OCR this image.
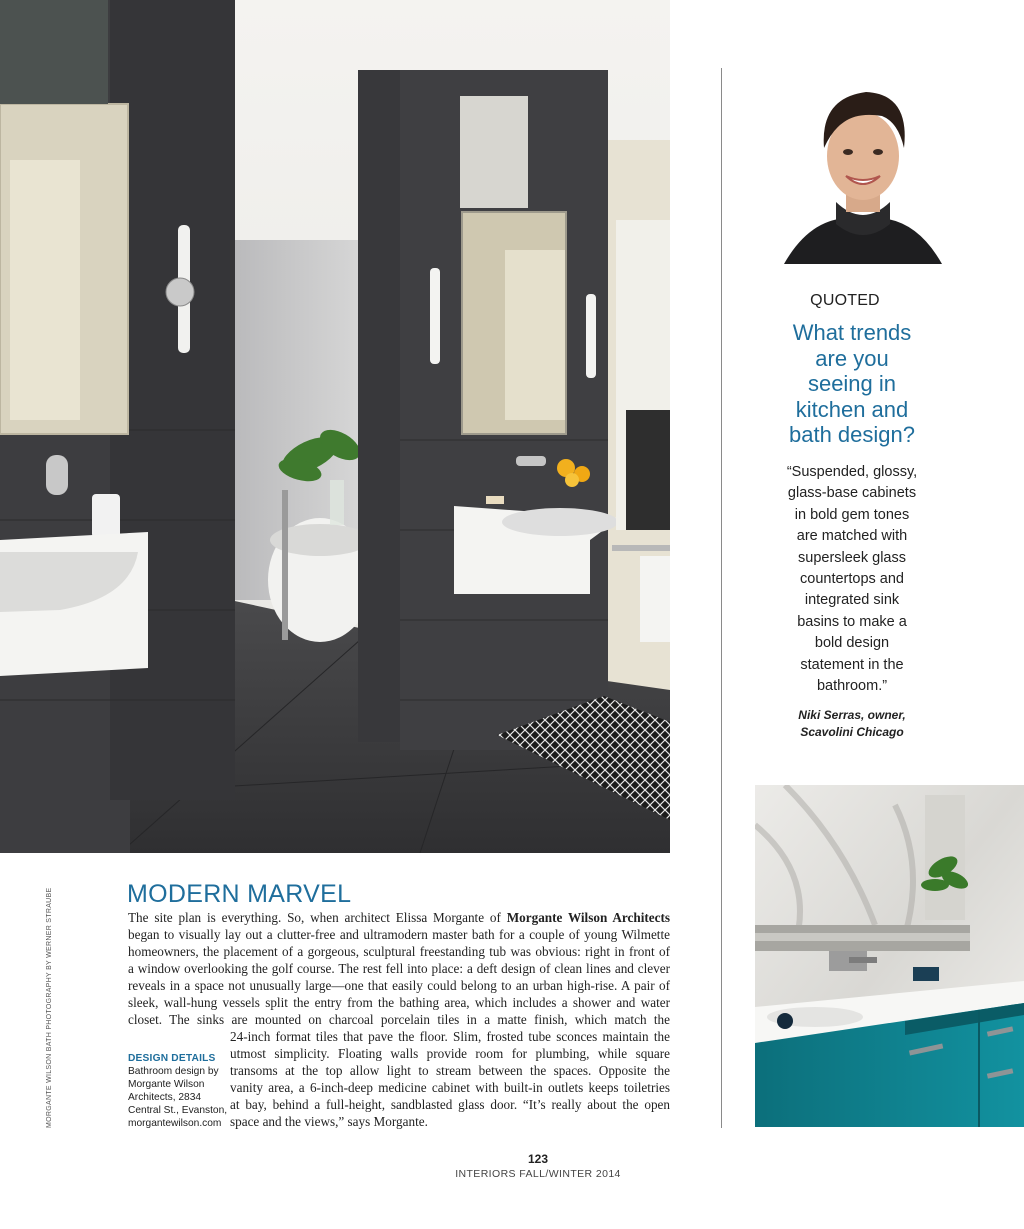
QUOTED
What trends
are you
seeing in
kitchen and
bath design?
“Suspended, glossy,
glass-base cabinets
in bold gem tones
are matched with
supersleek glass
countertops and
integrated sink
basins to make a
bold design
statement in the
bathroom.”
Niki Serras, owner,
Scavolini Chicago
MORGANTE WILSON BATH PHOTOGRAPHY BY WERNER STRAUBE	MODERN MARVEL
The site plan is everything. So, when architect Elissa Morgante of Morgante Wilson Architects
began to visually lay out a clutter-free and ultramodern master bath for a couple of young Wilmette
homeowners, the placement of a gorgeous, sculptural freestanding tub was obvious: right in front of
a window overlooking the golf course. The rest fell into place: a deft design of clean lines and clever
reveals in a space not unusually large—one that easily could belong to an urban high-rise. A pair of
sleek, wall-hung vessels split the entry from the bathing area, which includes a shower and water
closet. The sinks are mounted on charcoal porcelain tiles in a matte finish, which match the
24-inch format tiles that pave the floor. Slim, frosted tube sconces maintain the
utmost simplicity. Floating walls provide room for plumbing, while square
transoms at the top allow light to stream between the spaces. Opposite the
vanity area, a 6-inch-deep medicine cabinet with built-in outlets keeps toiletries
at bay, behind a full-height, sandblasted glass door. “It’s really about the open
space and the views,” says Morgante.
DESIGN DETAILS
Bathroom design by
Morgante Wilson
Architects, 2834
Central St., Evanston,
morgantewilson.com
123
INTERIORS FALL/WINTER 2014
